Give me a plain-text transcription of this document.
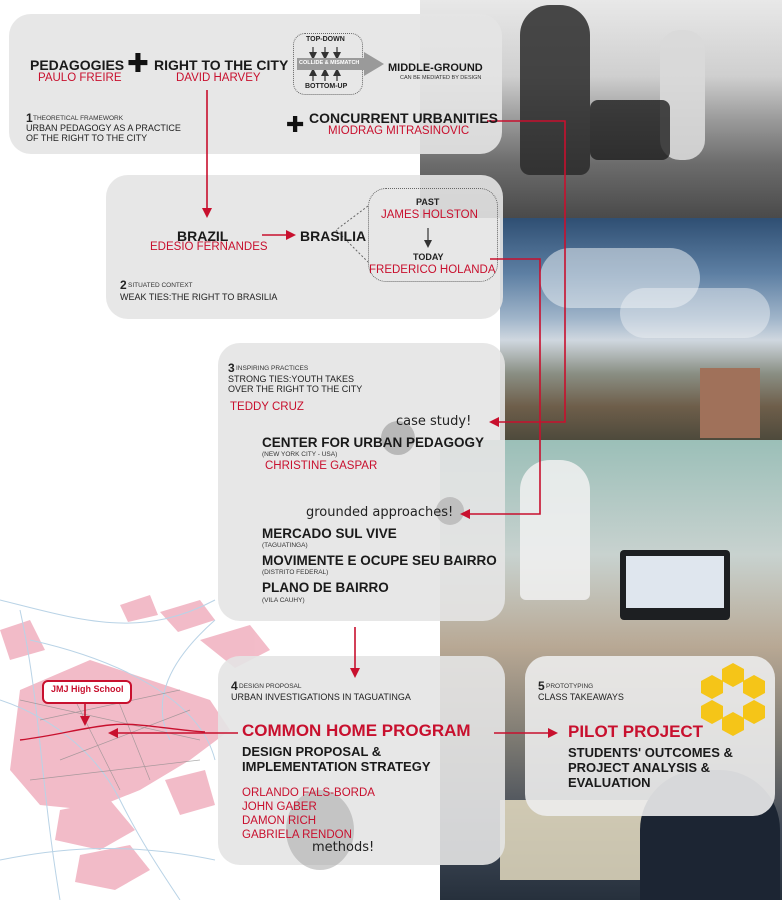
✚
✚
PEDAGOGIES
PAULO FREIRE
RIGHT TO THE CITY
DAVID HARVEY
TOP-DOWN
COLLIDE & MISMATCH
BOTTOM-UP
MIDDLE-GROUND
CAN BE MEDIATED BY DESIGN
CONCURRENT URBANITIES
MIODRAG MITRASINOVIC
1 THEORETICAL FRAMEWORK
URBAN PEDAGOGY AS A PRACTICE
OF THE RIGHT TO THE CITY
BRAZIL
EDESIO FERNANDES
BRASILIA
PAST
JAMES HOLSTON
TODAY
FREDERICO HOLANDA
2 SITUATED CONTEXT
WEAK TIES:THE RIGHT TO BRASILIA
3 INSPIRING PRACTICES
STRONG TIES:YOUTH TAKES
OVER THE RIGHT TO THE CITY
TEDDY CRUZ
case study!
CENTER FOR URBAN PEDAGOGY
(NEW YORK CITY - USA)
CHRISTINE GASPAR
grounded approaches!
MERCADO SUL VIVE
(TAGUATINGA)
MOVIMENTE E OCUPE SEU BAIRRO
(DISTRITO FEDERAL)
PLANO DE BAIRRO
(VILA CAUHY)
4 DESIGN PROPOSAL
URBAN INVESTIGATIONS IN TAGUATINGA
COMMON HOME PROGRAM
DESIGN PROPOSAL &
IMPLEMENTATION STRATEGY
ORLANDO FALS-BORDA
JOHN GABER
DAMON RICH
GABRIELA RENDON
methods!
5 PROTOTYPING
CLASS TAKEAWAYS
PILOT PROJECT
STUDENTS' OUTCOMES &
PROJECT ANALYSIS &
EVALUATION
JMJ High School
